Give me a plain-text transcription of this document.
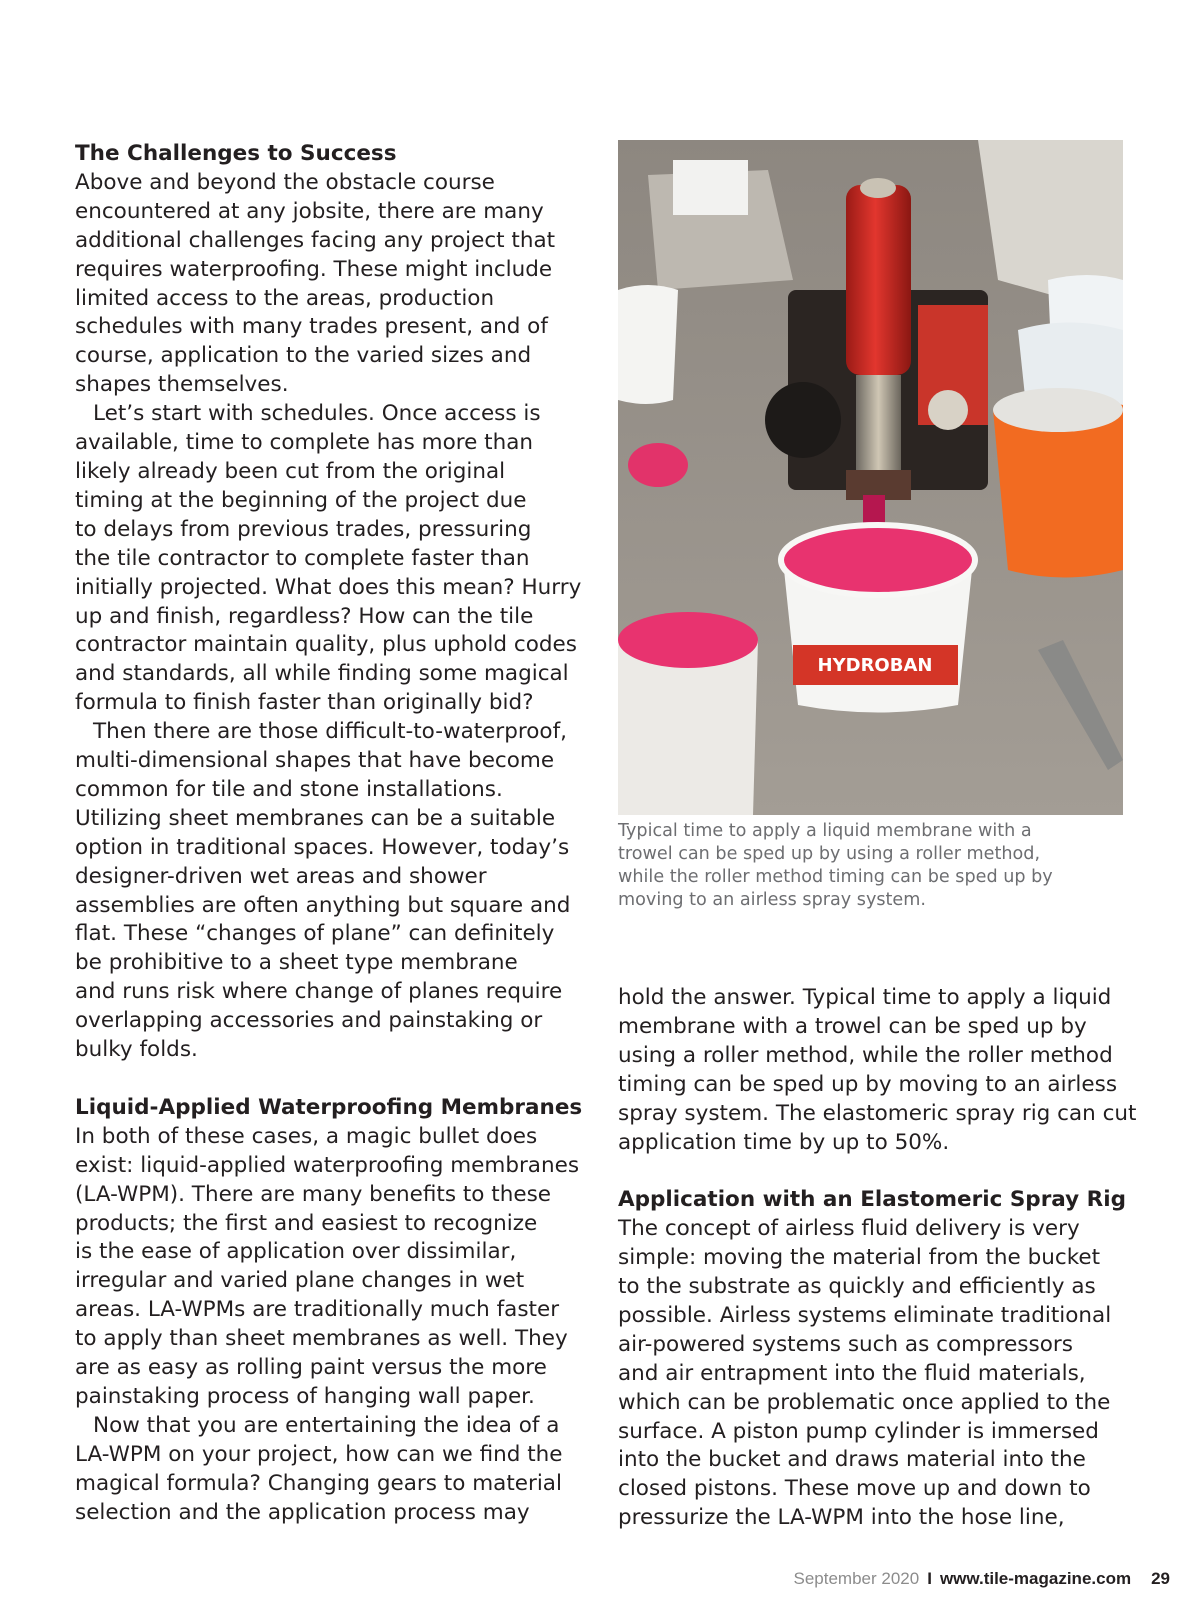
The Challenges to Success

Above and beyond the obstacle course
encountered at any jobsite, there are many
additional challenges facing any project that
requires waterproofing. These might include
limited access to the areas, production
schedules with many trades present, and of
course, application to the varied sizes and
shapes themselves.

Let’s start with schedules. Once access is
available, time to complete has more than
likely already been cut from the original
timing at the beginning of the project due
to delays from previous trades, pressuring
the tile contractor to complete faster than
initially projected. What does this mean? Hurry
up and finish, regardless? How can the tile
contractor maintain quality, plus uphold codes
and standards, all while finding some magical
formula to finish faster than originally bid?

Then there are those difficult-to-waterproof,
multi-dimensional shapes that have become
common for tile and stone installations.
Utilizing sheet membranes can be a suitable
option in traditional spaces. However, today’s
designer-driven wet areas and shower
assemblies are often anything but square and
flat. These “changes of plane” can definitely
be prohibitive to a sheet type membrane
and runs risk where change of planes require
overlapping accessories and painstaking or
bulky folds.

Liquid-Applied Waterproofing Membranes

In both of these cases, a magic bullet does
exist: liquid-applied waterproofing membranes
(LA-WPM). There are many benefits to these
products; the first and easiest to recognize
is the ease of application over dissimilar,
irregular and varied plane changes in wet
areas. LA-WPMs are traditionally much faster
to apply than sheet membranes as well. They
are as easy as rolling paint versus the more
painstaking process of hanging wall paper.

Now that you are entertaining the idea of a
LA-WPM on your project, how can we find the
magical formula? Changing gears to material
selection and the application process may

HYDROBAN
Typical time to apply a liquid membrane with a
trowel can be sped up by using a roller method,
while the roller method timing can be sped up by
moving to an airless spray system.

hold the answer. Typical time to apply a liquid
membrane with a trowel can be sped up by
using a roller method, while the roller method
timing can be sped up by moving to an airless
spray system. The elastomeric spray rig can cut
application time by up to 50%.

Application with an Elastomeric Spray Rig

The concept of airless fluid delivery is very
simple: moving the material from the bucket
to the substrate as quickly and efficiently as
possible. Airless systems eliminate traditional
air-powered systems such as compressors
and air entrapment into the fluid materials,
which can be problematic once applied to the
surface. A piston pump cylinder is immersed
into the bucket and draws material into the
closed pistons. These move up and down to
pressurize the LA-WPM into the hose line,

September 2020 I www.tile-magazine.com 29
